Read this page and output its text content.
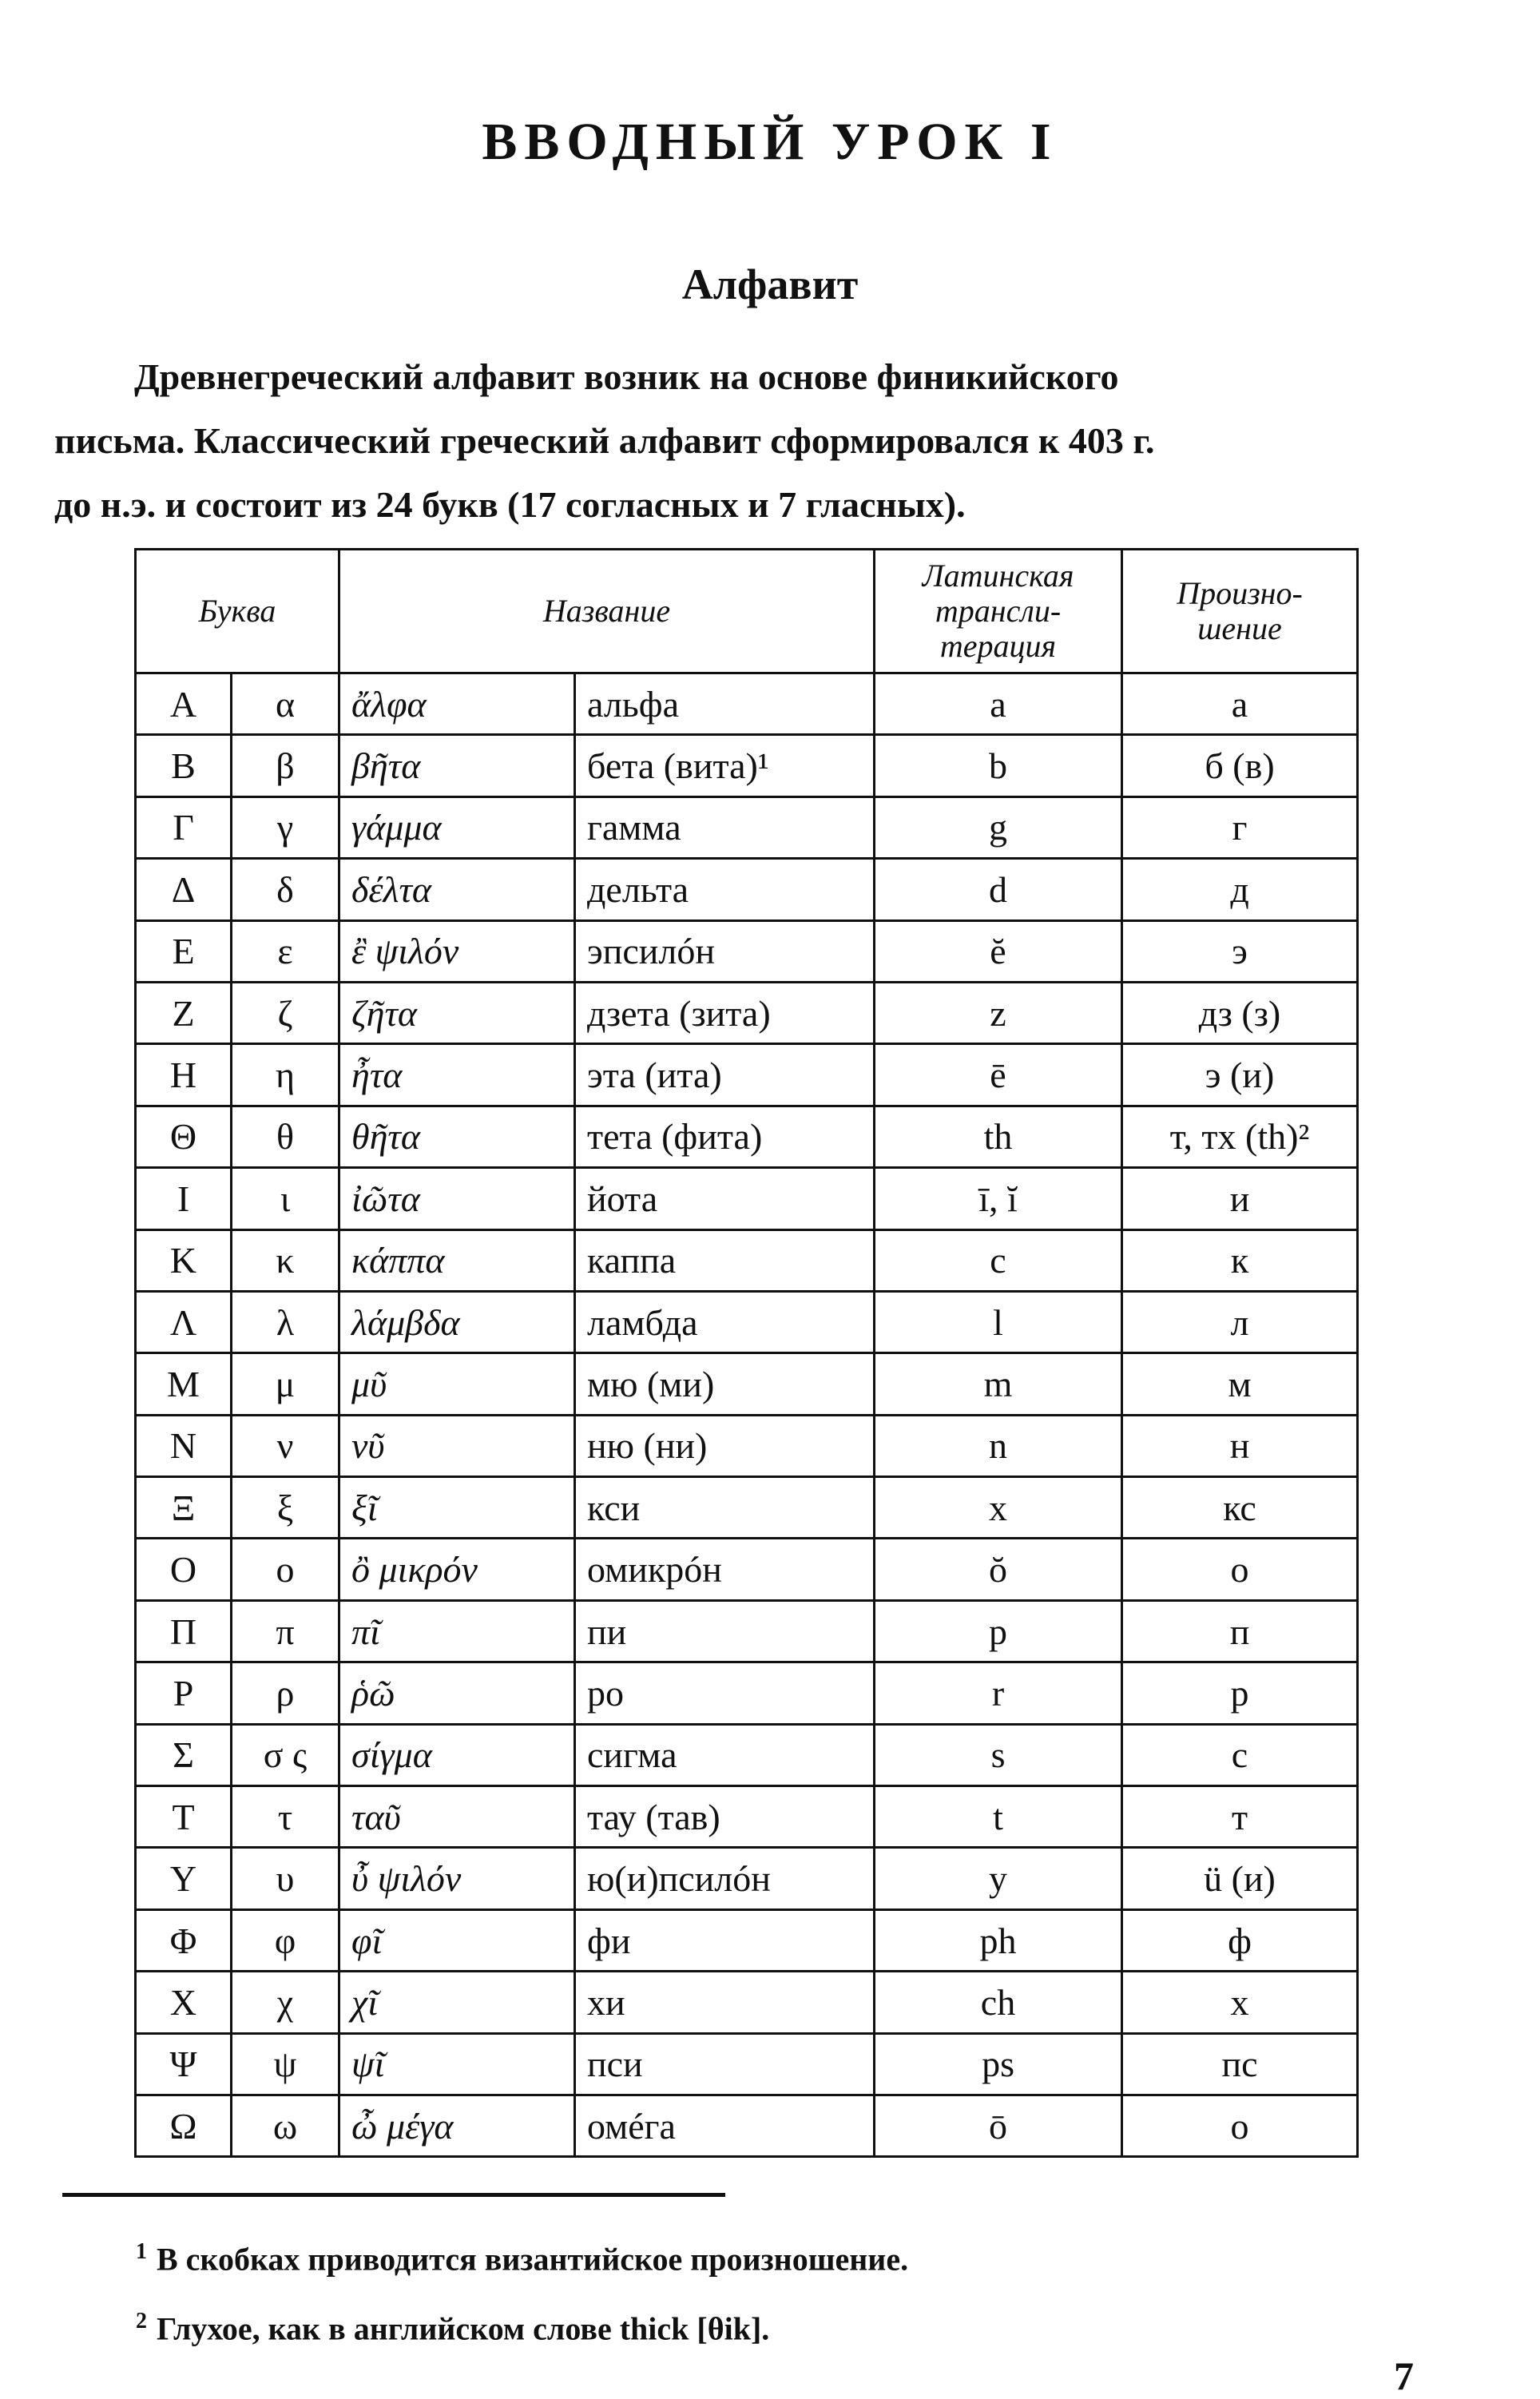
ВВОДНЫЙ УРОК I
Алфавит

Древнегреческий алфавит возник на основе финикийского
письма. Классический греческий алфавит сформировался к 403 г.
до н.э. и состоит из 24 букв (17 согласных и 7 гласных).

Буква		Название		Латинская трансли- терация	Произно- шение
Α	α	ἄλφα	альфа	a	а
Β	β	βῆτα	бета (вита)¹	b	б (в)
Γ	γ	γάμμα	гамма	g	г
Δ	δ	δέλτα	дельта	d	д
Ε	ε	ἒ ψιλόν	эпсилóн	ĕ	э
Ζ	ζ	ζῆτα	дзета (зита)	z	дз (з)
Η	η	ἦτα	эта (ита)	ē	э (и)
Θ	θ	θῆτα	тета (фита)	th	т, тх (th)²
Ι	ι	ἰῶτα	йота	ī, ĭ	и
Κ	κ	κάππα	каппа	c	к
Λ	λ	λάμβδα	ламбда	l	л
Μ	μ	μῦ	мю (ми)	m	м
Ν	ν	νῦ	ню (ни)	n	н
Ξ	ξ	ξῖ	кси	x	кс
Ο	ο	ὂ μικρόν	омикрóн	ŏ	о
Π	π	πῖ	пи	p	п
Ρ	ρ	ῥῶ	ро	r	р
Σ	σ ς	σίγμα	сигма	s	с
Τ	τ	ταῦ	тау (тав)	t	т
Υ	υ	ὖ ψιλόν	ю(и)псилóн	y	ü (и)
Φ	φ	φῖ	фи	ph	ф
Χ	χ	χῖ	хи	ch	х
Ψ	ψ	ψῖ	пси	ps	пс
Ω	ω	ὦ μέγα	омéга	ō	о
$^1$ В скобках приводится византийское произношение.
$^2$ Глухое, как в английском слове thick [θik].
7
